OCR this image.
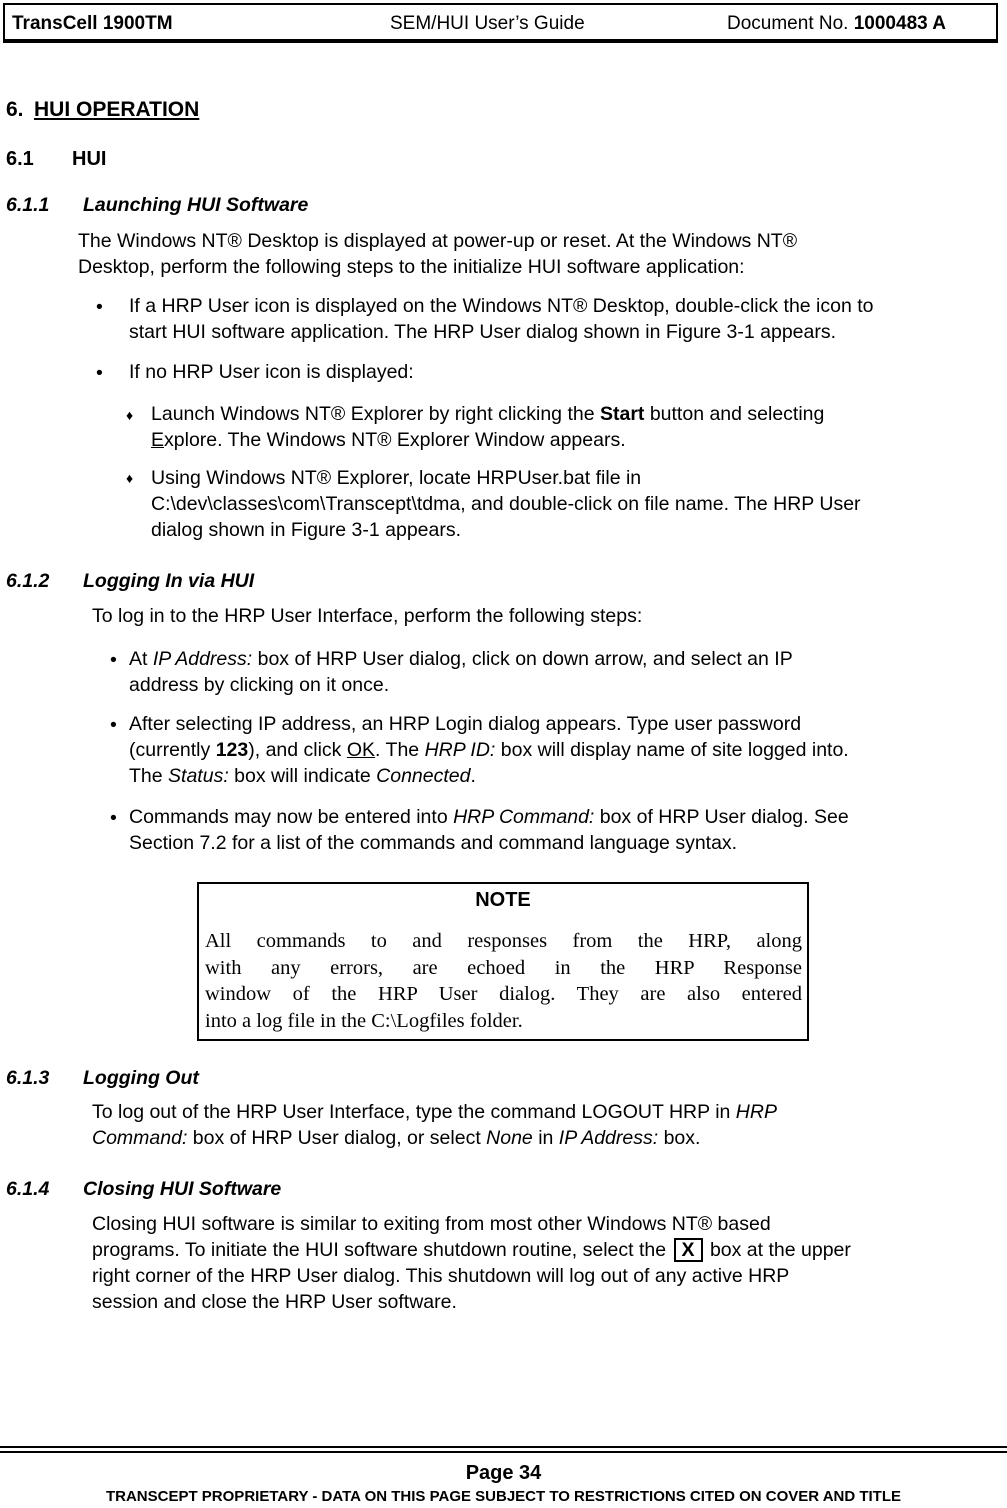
TransCell 1900TM	SEM/HUI User’s Guide	Document No. 1000483 A
6. HUI OPERATION
6.1 HUI
6.1.1 Launching HUI Software
The Windows NT® Desktop is displayed at power-up or reset. At the Windows NT®
Desktop, perform the following steps to the initialize HUI software application:
• If a HRP User icon is displayed on the Windows NT® Desktop, double-click the icon to
start HUI software application. The HRP User dialog shown in Figure 3-1 appears.
• If no HRP User icon is displayed:
♦ Launch Windows NT® Explorer by right clicking the Start button and selecting
Explore. The Windows NT® Explorer Window appears.
♦ Using Windows NT® Explorer, locate HRPUser.bat file in
C:\dev\classes\com\Transcept\tdma, and double-click on file name. The HRP User
dialog shown in Figure 3-1 appears.
6.1.2 Logging In via HUI
To log in to the HRP User Interface, perform the following steps:
• At IP Address: box of HRP User dialog, click on down arrow, and select an IP
address by clicking on it once.
• After selecting IP address, an HRP Login dialog appears. Type user password
(currently 123), and click OK. The HRP ID: box will display name of site logged into.
The Status: box will indicate Connected.
• Commands may now be entered into HRP Command: box of HRP User dialog. See
Section 7.2 for a list of the commands and command language syntax.
NOTE
All commands to and responses from the HRP, along
with any errors, are echoed in the HRP Response
window of the HRP User dialog. They are also entered
into a log file in the C:\Logfiles folder.
6.1.3 Logging Out
To log out of the HRP User Interface, type the command LOGOUT HRP in HRP
Command: box of HRP User dialog, or select None in IP Address: box.
6.1.4 Closing HUI Software
Closing HUI software is similar to exiting from most other Windows NT® based
programs. To initiate the HUI software shutdown routine, select the X box at the upper
right corner of the HRP User dialog. This shutdown will log out of any active HRP
session and close the HRP User software.
Page 34
TRANSCEPT PROPRIETARY - DATA ON THIS PAGE SUBJECT TO RESTRICTIONS CITED ON COVER AND TITLE
